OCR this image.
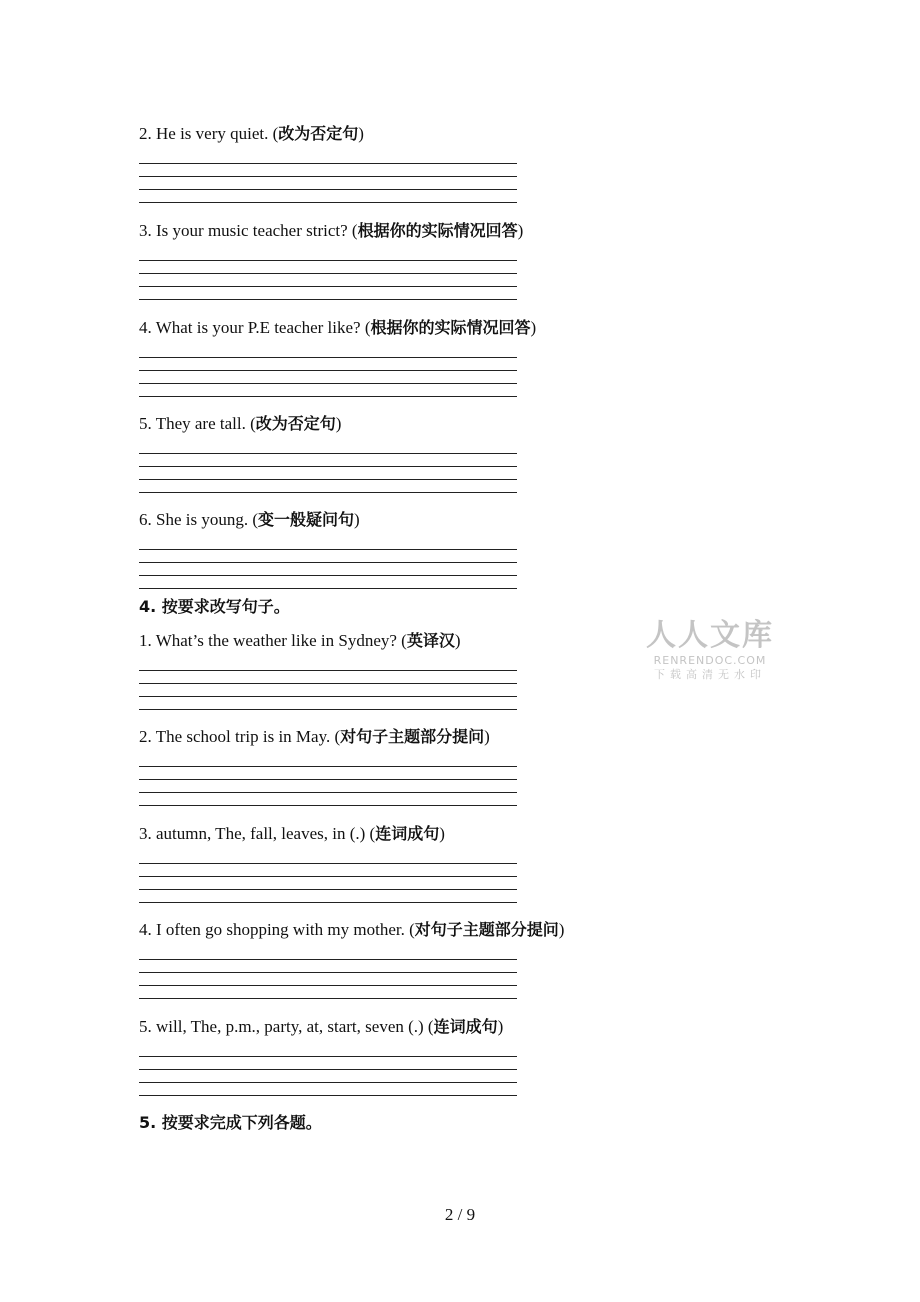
2. He is very quiet. (改为否定句)
3. Is your music teacher strict? (根据你的实际情况回答)
4. What is your P.E teacher like? (根据你的实际情况回答)
5. They are tall. (改为否定句)
6. She is young. (变一般疑问句)
4. 按要求改写句子。
1. What’s the weather like in Sydney? (英译汉)
2. The school trip is in May. (对句子主题部分提问)
3. autumn, The, fall, leaves, in (.) (连词成句)
4. I often go shopping with my mother. (对句子主题部分提问)
5. will, The, p.m., party, at, start, seven (.) (连词成句)
5. 按要求完成下列各题。
人人文库
RENRENDOC.COM
下载高清无水印
2 / 9
